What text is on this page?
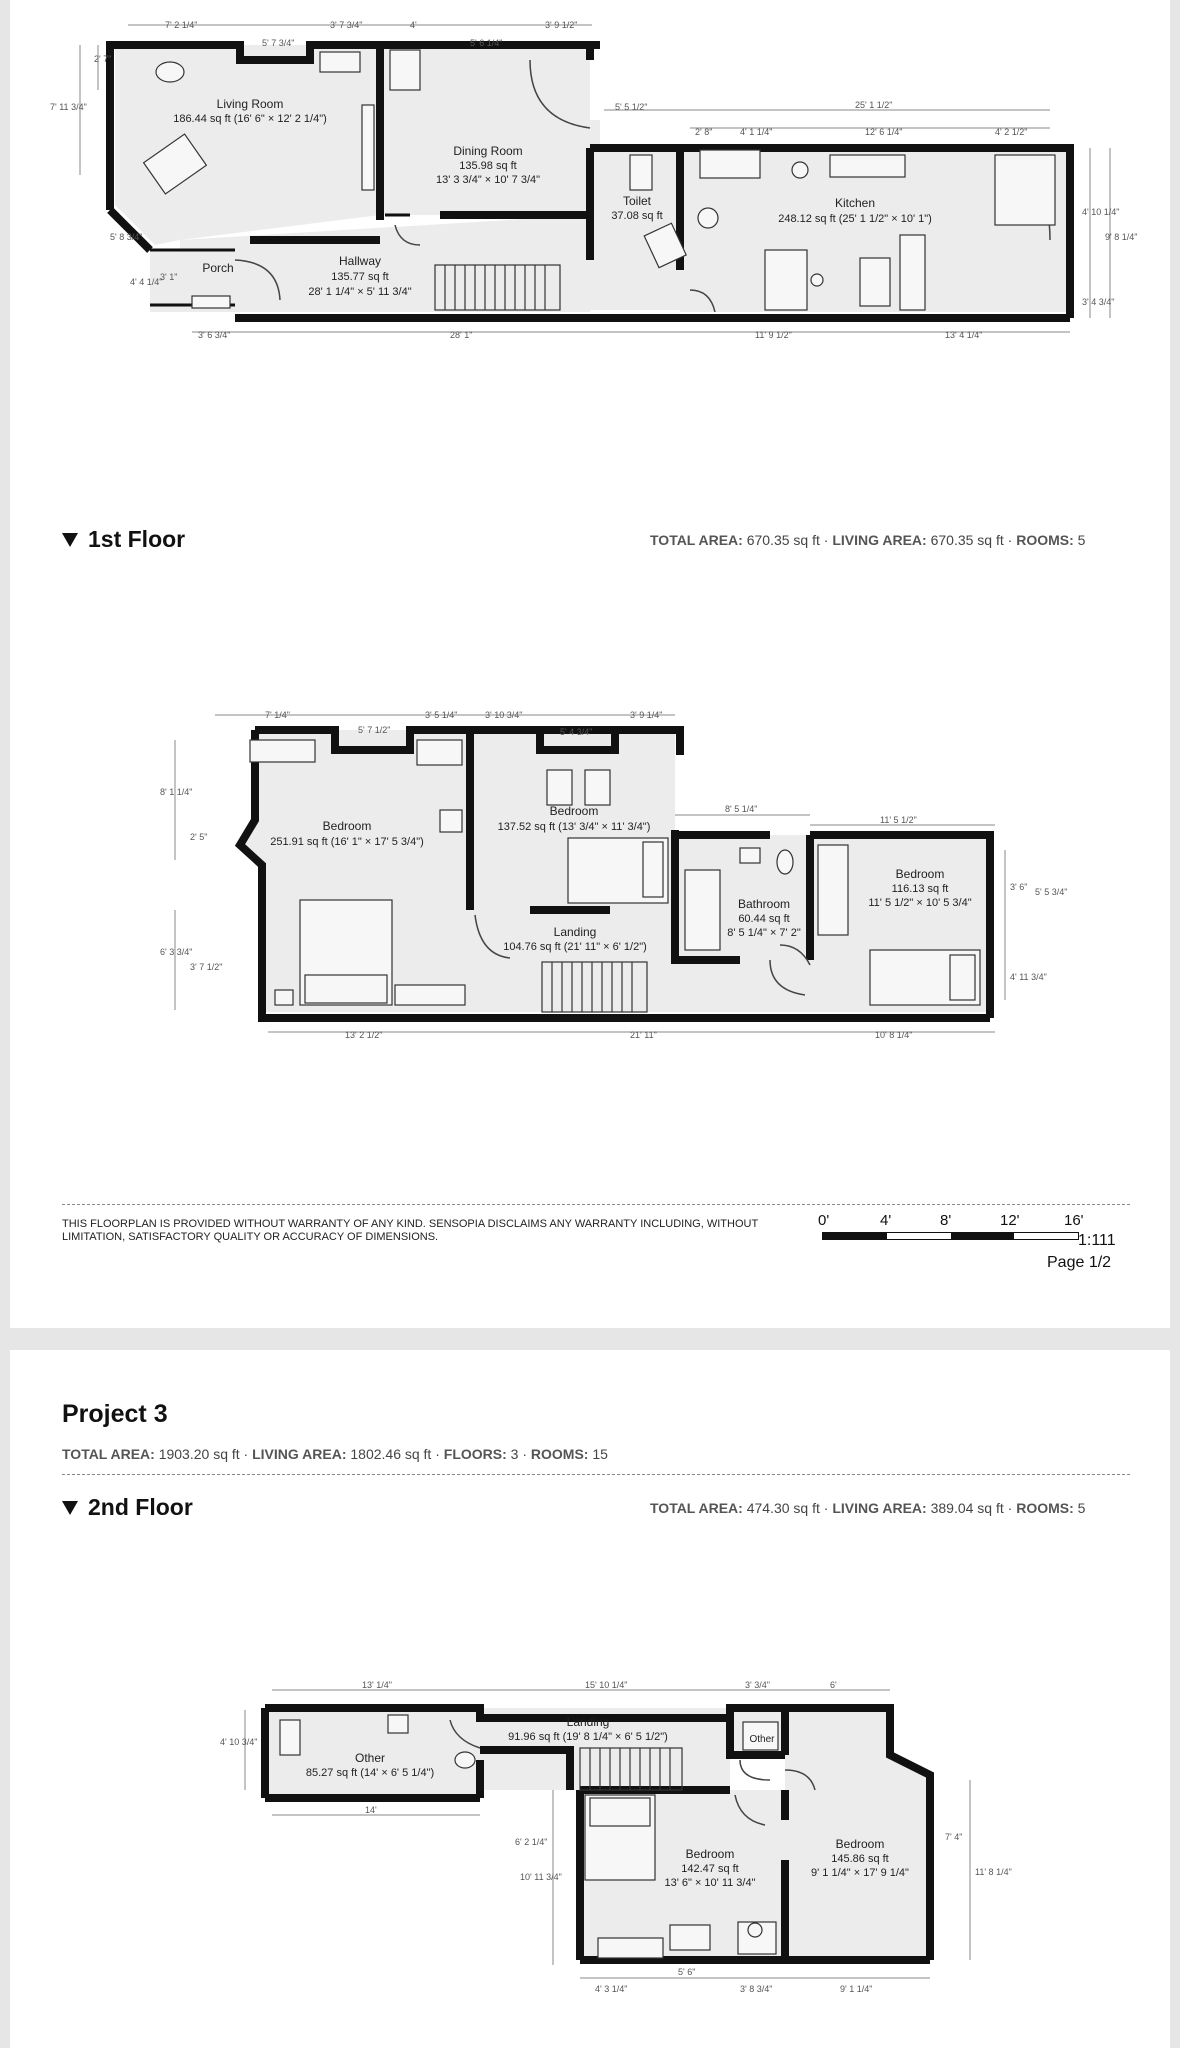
7' 2 1/4"
5' 7 3/4"
3' 7 3/4"	4'
5' 6 1/4"
3' 9 1/2"
5' 5 1/2"	25' 1 1/2"
2' 8"	4' 1 1/4"	12' 6 1/4"	4' 2 1/2"
7' 11 3/4"
2' 7"
5' 8 3/4"
4' 4 1/4"
3' 1"
3' 6 3/4"	28' 1"	11' 9 1/2"	13' 4 1/4"
4' 10 1/4"
9' 8 1/4"
3' 4 3/4"
Living Room
186.44 sq ft (16' 6" × 12' 2 1/4")
Dining Room
135.98 sq ft
13' 3 3/4" × 10' 7 3/4"
Toilet
37.08 sq ft
Kitchen
248.12 sq ft (25' 1 1/2" × 10' 1")
Hallway
135.77 sq ft
28' 1 1/4" × 5' 11 3/4"
Porch
1st Floor	TOTAL AREA: 670.35 sq ft · LIVING AREA: 670.35 sq ft · ROOMS: 5
7' 1/4"
5' 7 1/2"
3' 5 1/4"	3' 10 3/4"
5' 4 3/4"
3' 9 1/4"
8' 5 1/4"
11' 5 1/2"
8' 1 1/4"
2' 5"
6' 3 3/4"
3' 7 1/2"
3' 6" 5' 5 3/4"
4' 11 3/4"
13' 2 1/2"	21' 11"	10' 8 1/4"
Bedroom
251.91 sq ft (16' 1" × 17' 5 3/4")
Bedroom
137.52 sq ft (13' 3/4" × 11' 3/4")
Bathroom
60.44 sq ft
8' 5 1/4" × 7' 2"
Bedroom
116.13 sq ft
11' 5 1/2" × 10' 5 3/4"
Landing
104.76 sq ft (21' 11" × 6' 1/2")
THIS FLOORPLAN IS PROVIDED WITHOUT WARRANTY OF ANY KIND. SENSOPIA DISCLAIMS ANY WARRANTY INCLUDING, WITHOUT LIMITATION, SATISFACTORY QUALITY OR ACCURACY OF DIMENSIONS.
0'	4'	8'	12'	16'
1:111
Page 1/2
Project 3
TOTAL AREA: 1903.20 sq ft · LIVING AREA: 1802.46 sq ft · FLOORS: 3 · ROOMS: 15
2nd Floor	TOTAL AREA: 474.30 sq ft · LIVING AREA: 389.04 sq ft · ROOMS: 5
13' 1/4"	15' 10 1/4"	3' 3/4"	6'
4' 10 3/4"
14'
6' 2 1/4"
10' 11 3/4"
7' 4"
11' 8 1/4"
4' 3 1/4"
5' 6"
3' 8 3/4"	9' 1 1/4"
Landing
91.96 sq ft (19' 8 1/4" × 6' 5 1/2")
Other
85.27 sq ft (14' × 6' 5 1/4")
Other
Bedroom
142.47 sq ft
13' 6" × 10' 11 3/4"
Bedroom
145.86 sq ft
9' 1 1/4" × 17' 9 1/4"
